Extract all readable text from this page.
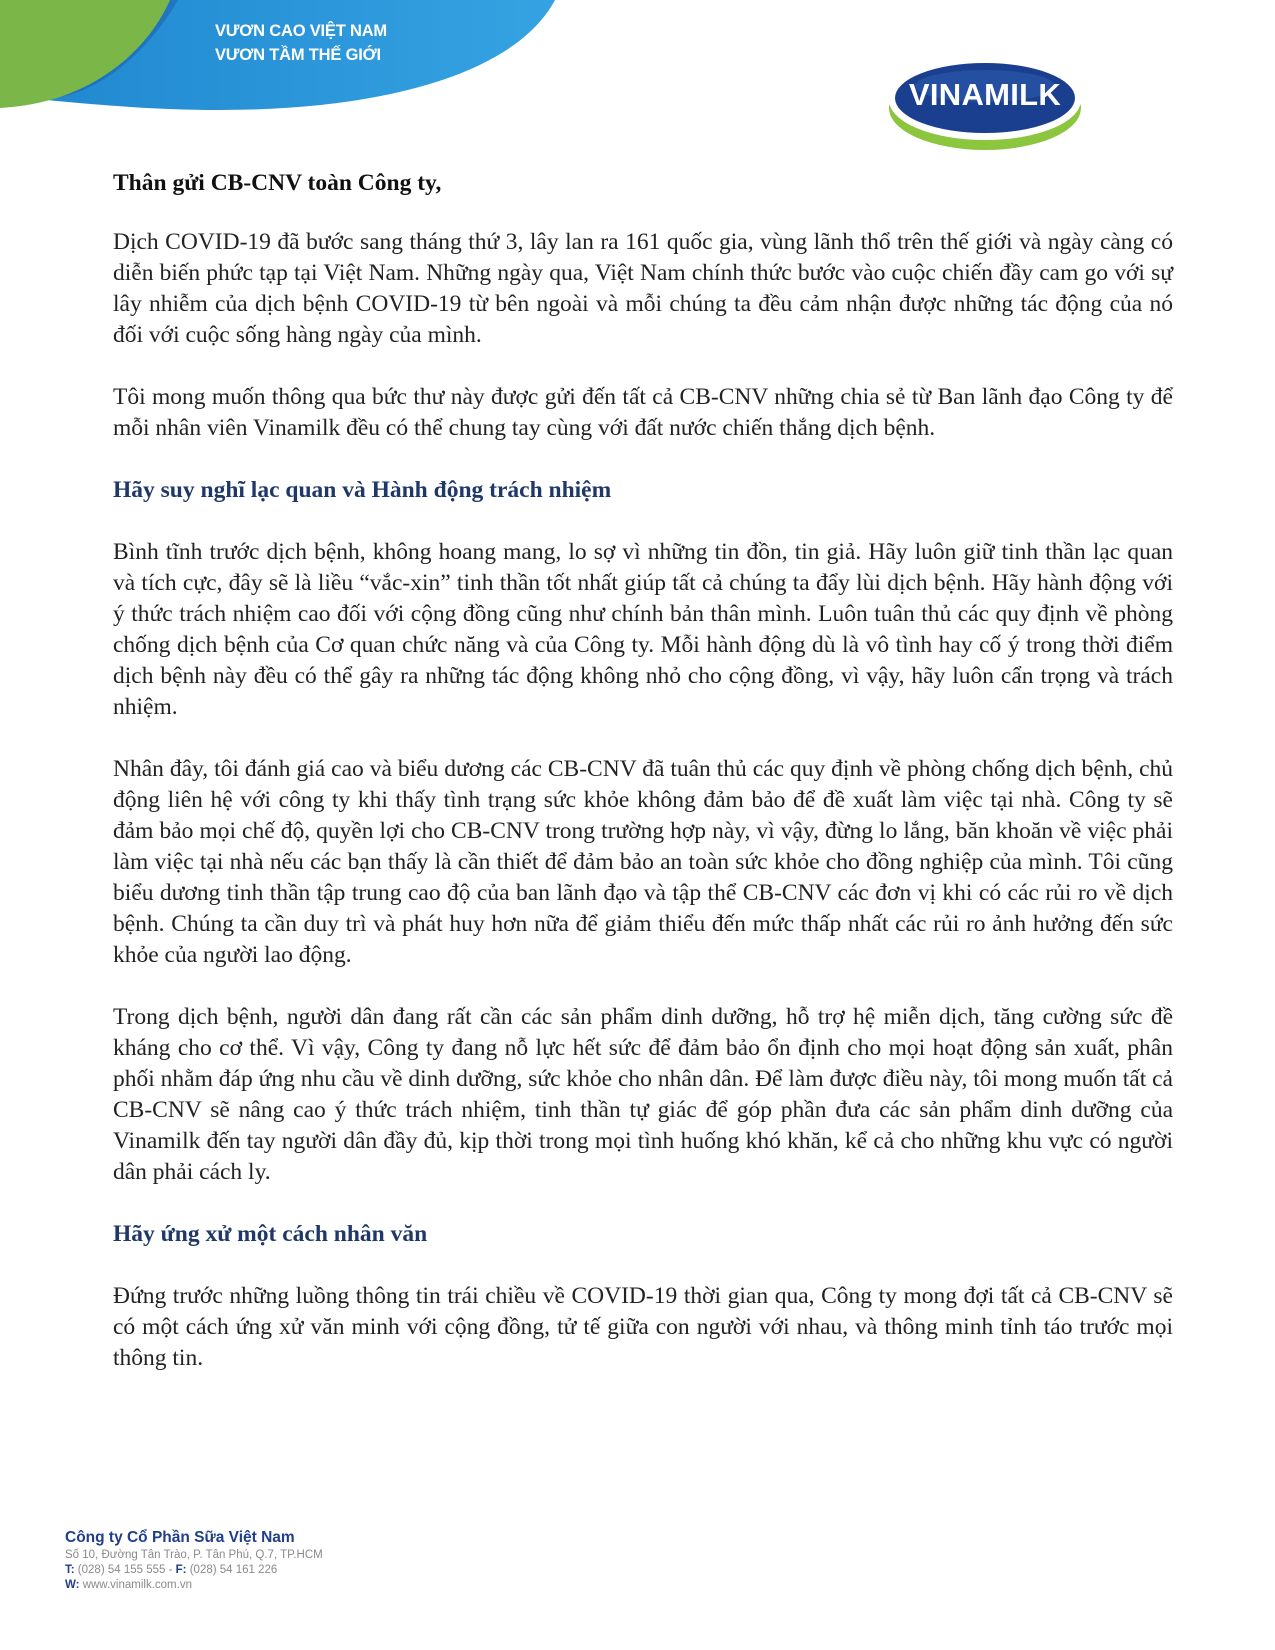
VƯƠN CAO VIỆT NAM
VƯƠN TẦM THẾ GIỚI
VINAMILK

Thân gửi CB-CNV toàn Công ty,

Dịch COVID-19 đã bước sang tháng thứ 3, lây lan ra 161 quốc gia, vùng lãnh thổ trên thế giới và ngày càng có diễn biến phức tạp tại Việt Nam. Những ngày qua, Việt Nam chính thức bước vào cuộc chiến đầy cam go với sự lây nhiễm của dịch bệnh COVID-19 từ bên ngoài và mỗi chúng ta đều cảm nhận được những tác động của nó đối với cuộc sống hàng ngày của mình.

Tôi mong muốn thông qua bức thư này được gửi đến tất cả CB-CNV những chia sẻ từ Ban lãnh đạo Công ty để mỗi nhân viên Vinamilk đều có thể chung tay cùng với đất nước chiến thắng dịch bệnh.

Hãy suy nghĩ lạc quan và Hành động trách nhiệm

Bình tĩnh trước dịch bệnh, không hoang mang, lo sợ vì những tin đồn, tin giả. Hãy luôn giữ tinh thần lạc quan và tích cực, đây sẽ là liều “vắc-xin” tinh thần tốt nhất giúp tất cả chúng ta đẩy lùi dịch bệnh. Hãy hành động với ý thức trách nhiệm cao đối với cộng đồng cũng như chính bản thân mình. Luôn tuân thủ các quy định về phòng chống dịch bệnh của Cơ quan chức năng và của Công ty. Mỗi hành động dù là vô tình hay cố ý trong thời điểm dịch bệnh này đều có thể gây ra những tác động không nhỏ cho cộng đồng, vì vậy, hãy luôn cẩn trọng và trách nhiệm.

Nhân đây, tôi đánh giá cao và biểu dương các CB-CNV đã tuân thủ các quy định về phòng chống dịch bệnh, chủ động liên hệ với công ty khi thấy tình trạng sức khỏe không đảm bảo để đề xuất làm việc tại nhà. Công ty sẽ đảm bảo mọi chế độ, quyền lợi cho CB-CNV trong trường hợp này, vì vậy, đừng lo lắng, băn khoăn về việc phải làm việc tại nhà nếu các bạn thấy là cần thiết để đảm bảo an toàn sức khỏe cho đồng nghiệp của mình. Tôi cũng biểu dương tinh thần tập trung cao độ của ban lãnh đạo và tập thể CB-CNV các đơn vị khi có các rủi ro về dịch bệnh. Chúng ta cần duy trì và phát huy hơn nữa để giảm thiểu đến mức thấp nhất các rủi ro ảnh hưởng đến sức khỏe của người lao động.

Trong dịch bệnh, người dân đang rất cần các sản phẩm dinh dưỡng, hỗ trợ hệ miễn dịch, tăng cường sức đề kháng cho cơ thể. Vì vậy, Công ty đang nỗ lực hết sức để đảm bảo ổn định cho mọi hoạt động sản xuất, phân phối nhằm đáp ứng nhu cầu về dinh dưỡng, sức khỏe cho nhân dân. Để làm được điều này, tôi mong muốn tất cả CB-CNV sẽ nâng cao ý thức trách nhiệm, tinh thần tự giác để góp phần đưa các sản phẩm dinh dưỡng của Vinamilk đến tay người dân đầy đủ, kịp thời trong mọi tình huống khó khăn, kể cả cho những khu vực có người dân phải cách ly.

Hãy ứng xử một cách nhân văn

Đứng trước những luồng thông tin trái chiều về COVID-19 thời gian qua, Công ty mong đợi tất cả CB-CNV sẽ có một cách ứng xử văn minh với cộng đồng, tử tế giữa con người với nhau, và thông minh tỉnh táo trước mọi thông tin.

Công ty Cổ Phần Sữa Việt Nam
Số 10, Đường Tân Trào, P. Tân Phú, Q.7, TP.HCM
T: (028) 54 155 555 - F: (028) 54 161 226
W: www.vinamilk.com.vn
